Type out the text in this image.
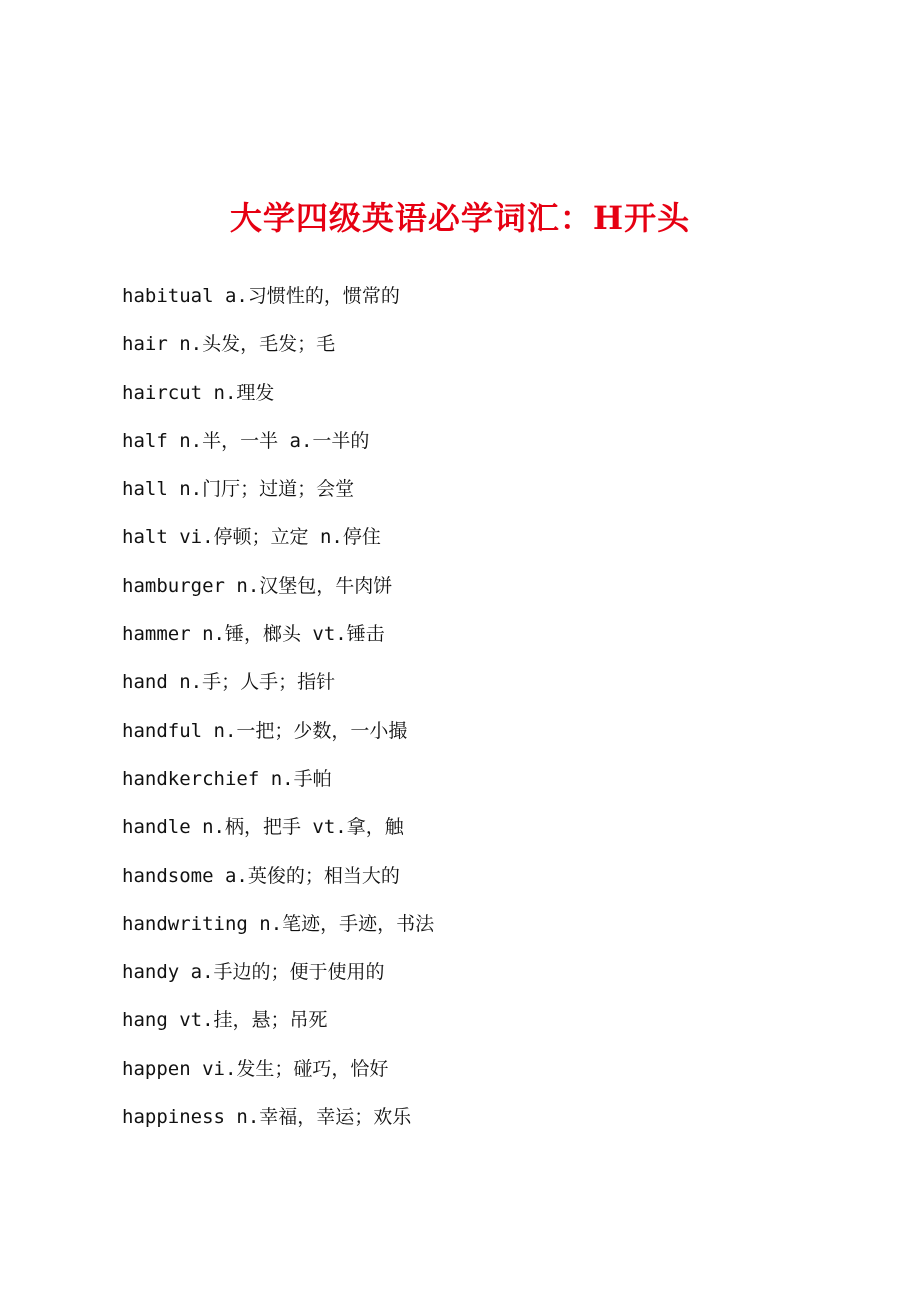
大学四级英语必学词汇：H开头
habitual a.习惯性的，惯常的
hair n.头发，毛发；毛
haircut n.理发
half n.半，一半 a.一半的
hall n.门厅；过道；会堂
halt vi.停顿；立定 n.停住
hamburger n.汉堡包，牛肉饼
hammer n.锤，榔头 vt.锤击
hand n.手；人手；指针
handful n.一把；少数，一小撮
handkerchief n.手帕
handle n.柄，把手 vt.拿，触
handsome a.英俊的；相当大的
handwriting n.笔迹，手迹，书法
handy a.手边的；便于使用的
hang vt.挂，悬；吊死
happen vi.发生；碰巧，恰好
happiness n.幸福，幸运；欢乐
